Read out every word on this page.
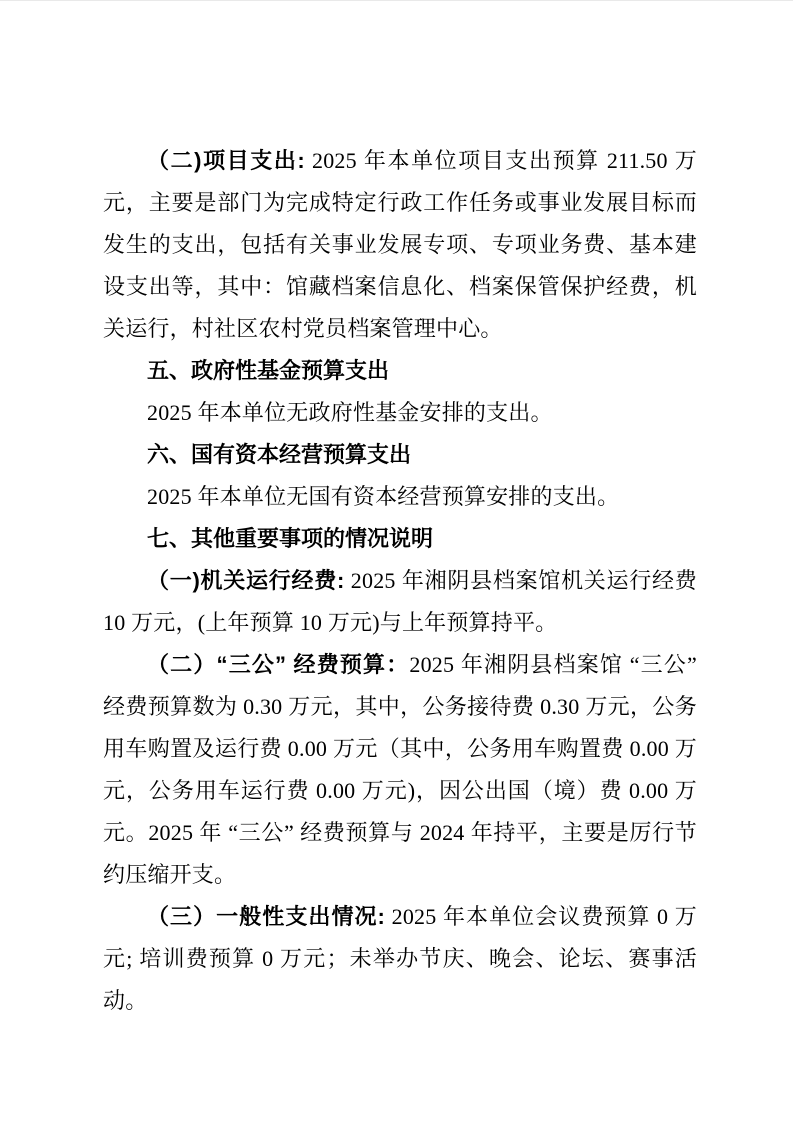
（二)项目支出: 2025 年本单位项目支出预算 211.50 万元，主要是部门为完成特定行政工作任务或事业发展目标而发生的支出，包括有关事业发展专项、专项业务费、基本建设支出等，其中：馆藏档案信息化、档案保管保护经费，机关运行，村社区农村党员档案管理中心。

五、政府性基金预算支出

2025 年本单位无政府性基金安排的支出。

六、国有资本经营预算支出

2025 年本单位无国有资本经营预算安排的支出。

七、其他重要事项的情况说明

（一)机关运行经费: 2025 年湘阴县档案馆机关运行经费 10 万元，(上年预算 10 万元)与上年预算持平。

（二）“三公” 经费预算：2025 年湘阴县档案馆 “三公” 经费预算数为 0.30 万元，其中，公务接待费 0.30 万元，公务用车购置及运行费 0.00 万元（其中，公务用车购置费 0.00 万元，公务用车运行费 0.00 万元)，因公出国（境）费 0.00 万元。2025 年 “三公” 经费预算与 2024 年持平，主要是厉行节约压缩开支。

（三）一般性支出情况: 2025 年本单位会议费预算 0 万元; 培训费预算 0 万元；未举办节庆、晚会、论坛、赛事活动。
